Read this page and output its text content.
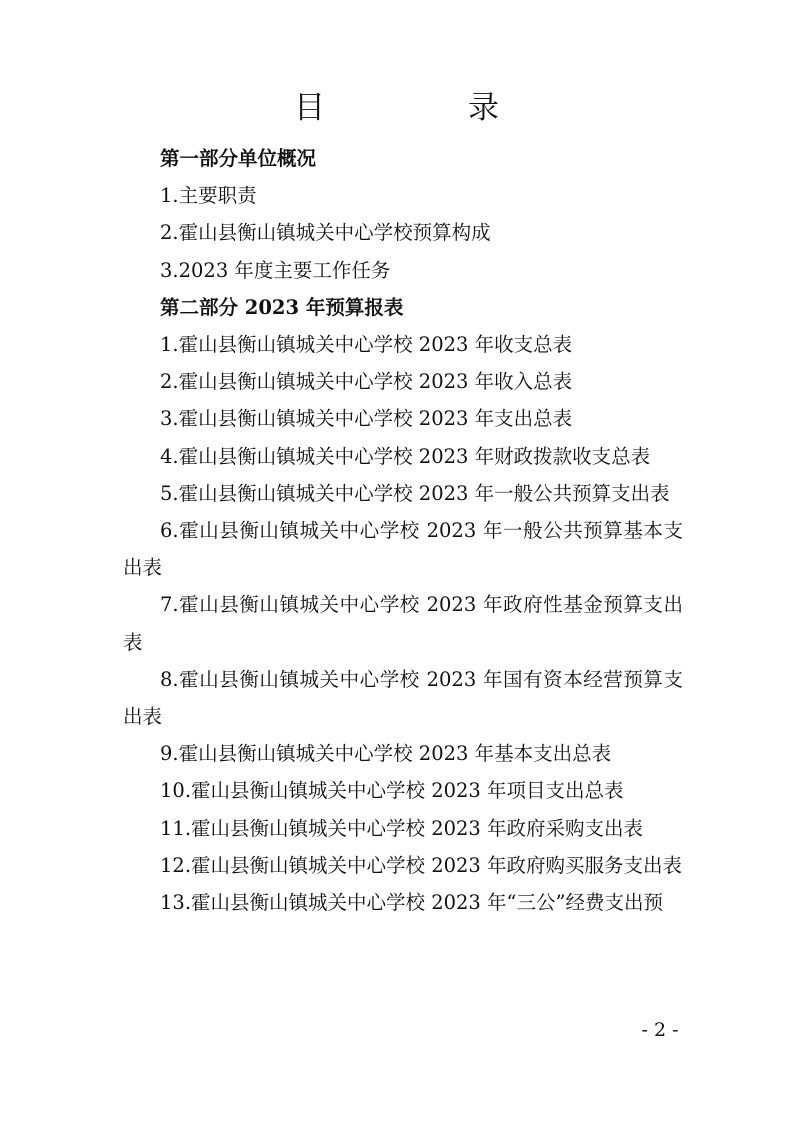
目　录
第一部分单位概况
1.主要职责
2.霍山县衡山镇城关中心学校预算构成
3.2023 年度主要工作任务
第二部分 2023 年预算报表
1.霍山县衡山镇城关中心学校 2023 年收支总表
2.霍山县衡山镇城关中心学校 2023 年收入总表
3.霍山县衡山镇城关中心学校 2023 年支出总表
4.霍山县衡山镇城关中心学校 2023 年财政拨款收支总表
5.霍山县衡山镇城关中心学校 2023 年一般公共预算支出表
6.霍山县衡山镇城关中心学校 2023 年一般公共预算基本支出表
7.霍山县衡山镇城关中心学校 2023 年政府性基金预算支出表
8.霍山县衡山镇城关中心学校 2023 年国有资本经营预算支出表
9.霍山县衡山镇城关中心学校 2023 年基本支出总表
10.霍山县衡山镇城关中心学校 2023 年项目支出总表
11.霍山县衡山镇城关中心学校 2023 年政府采购支出表
12.霍山县衡山镇城关中心学校 2023 年政府购买服务支出表
13.霍山县衡山镇城关中心学校 2023 年“三公”经费支出预
- 2 -
